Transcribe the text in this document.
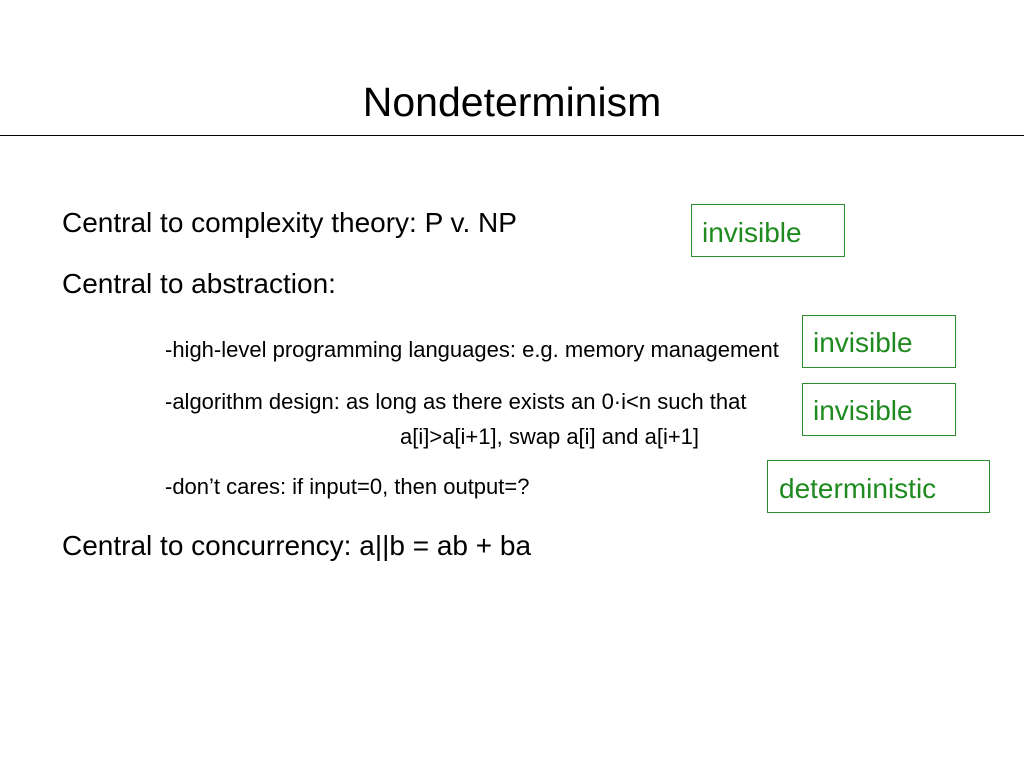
Nondeterminism
Central to complexity theory: P v. NP
Central to abstraction:
-high-level programming languages: e.g. memory management
-algorithm design: as long as there exists an 0·i<n such that
a[i]>a[i+1], swap a[i] and a[i+1]
-don’t cares: if input=0, then output=?
Central to concurrency: a||b = ab + ba
invisible
invisible
invisible
deterministic
